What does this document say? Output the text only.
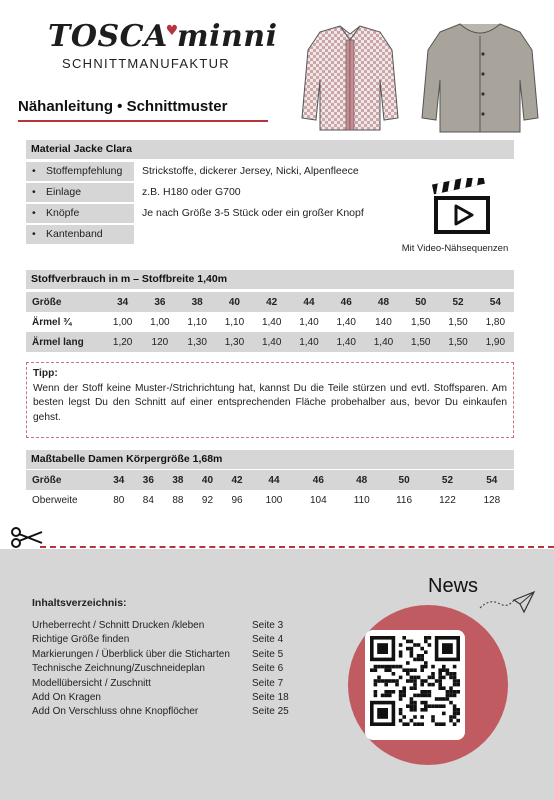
TOSCA♥minni
SCHNITTMANUFAKTUR
Nähanleitung • Schnittmuster
Material Jacke Clara
• Stoffempfehlung	Strickstoffe, dickerer Jersey, Nicki, Alpenfleece
• Einlage	z.B. H180 oder G700
• Knöpfe	Je nach Größe 3-5 Stück oder ein großer Knopf
• Kantenband
Mit Video-Nähsequenzen
Stoffverbrauch in m – Stoffbreite 1,40m
Größe	34	36	38	40	42	44	46	48	50	52	54
Ärmel ¾	1,00	1,00	1,10	1,10	1,40	1,40	1,40	140	1,50	1,50	1,80
Ärmel lang	1,20	120	1,30	1,30	1,40	1,40	1,40	1,40	1,50	1,50	1,90
Tipp:
Wenn der Stoff keine Muster-/Strichrichtung hat, kannst Du die Teile stürzen und evtl. Stoffsparen. Am besten legst Du den Schnitt auf einer entsprechenden Fläche probehalber aus, bevor Du einkaufen gehst.
Maßtabelle Damen Körpergröße 1,68m
Größe	34	36	38	40	42	44	46	48	50	52	54
Oberweite	80	84	88	92	96	100	104	110	116	122	128
Inhaltsverzeichnis:
Urheberrecht / Schnitt Drucken /kleben	Seite 3
Richtige Größe finden	Seite 4
Markierungen / Überblick über die Sticharten Seite 5
Technische Zeichnung/Zuschneideplan	Seite 6
Modellübersicht / Zuschnitt	Seite 7
Add On Kragen	Seite 18
Add On Verschluss ohne Knopflöcher	Seite 25
News
